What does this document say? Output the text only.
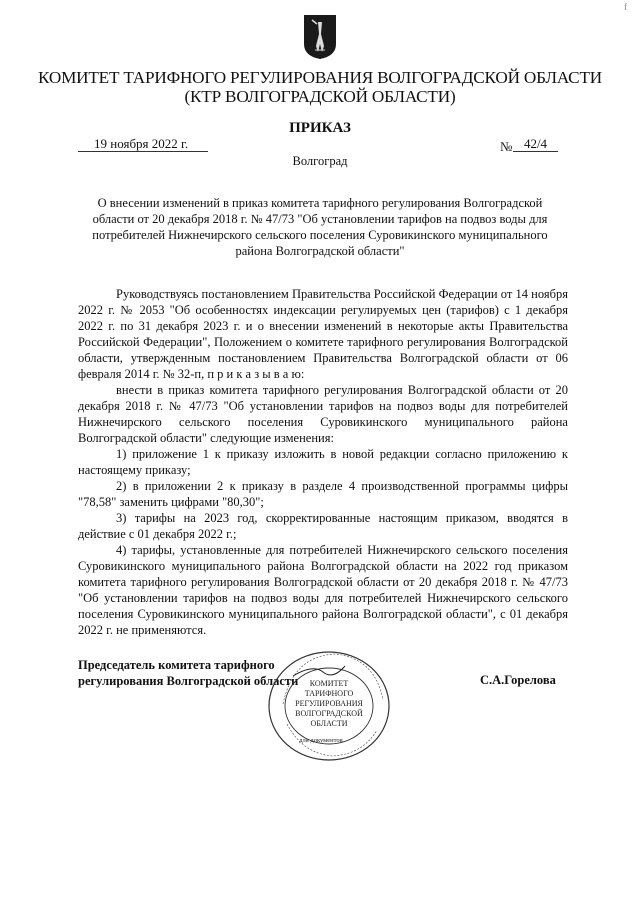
f
КОМИТЕТ ТАРИФНОГО РЕГУЛИРОВАНИЯ ВОЛГОГРАДСКОЙ ОБЛАСТИ
(КТР ВОЛГОГРАДСКОЙ ОБЛАСТИ)
ПРИКАЗ
19 ноября 2022 г.	№ 42/4
Волгоград
О внесении изменений в приказ комитета тарифного регулирования Волгоградской области от 20 декабря 2018 г. № 47/73 "Об установлении тарифов на подвоз воды для потребителей Нижнечирского сельского поселения Суровикинского муниципального района Волгоградской области"

Руководствуясь постановлением Правительства Российской Федерации от 14 ноября 2022 г. № 2053 "Об особенностях индексации регулируемых цен (тарифов) с 1 декабря 2022 г. по 31 декабря 2023 г. и о внесении изменений в некоторые акты Правительства Российской Федерации", Положением о комитете тарифного регулирования Волгоградской области, утвержденным постановлением Правительства Волгоградской области от 06 февраля 2014 г. № 32-п, п р и к а з ы в а ю:

внести в приказ комитета тарифного регулирования Волгоградской области от 20 декабря 2018 г. № 47/73 "Об установлении тарифов на подвоз воды для потребителей Нижнечирского сельского поселения Суровикинского муниципального района Волгоградской области" следующие изменения:

1) приложение 1 к приказу изложить в новой редакции согласно приложению к настоящему приказу;

2) в приложении 2 к приказу в разделе 4 производственной программы цифры "78,58" заменить цифрами "80,30";

3) тарифы на 2023 год, скорректированные настоящим приказом, вводятся в действие с 01 декабря 2022 г.;

4) тарифы, установленные для потребителей Нижнечирского сельского поселения Суровикинского муниципального района Волгоградской области на 2022 год приказом комитета тарифного регулирования Волгоградской области от 20 декабря 2018 г. № 47/73 "Об установлении тарифов на подвоз воды для потребителей Нижнечирского сельского поселения Суровикинского муниципального района Волгоградской области", с 01 декабря 2022 г. не применяются.

Председатель комитета тарифного
регулирования Волгоградской области	С.А.Горелова
КОМИТЕТ
ТАРИФНОГО
РЕГУЛИРОВАНИЯ
ВОЛГОГРАДСКОЙ
ОБЛАСТИ
для документов
